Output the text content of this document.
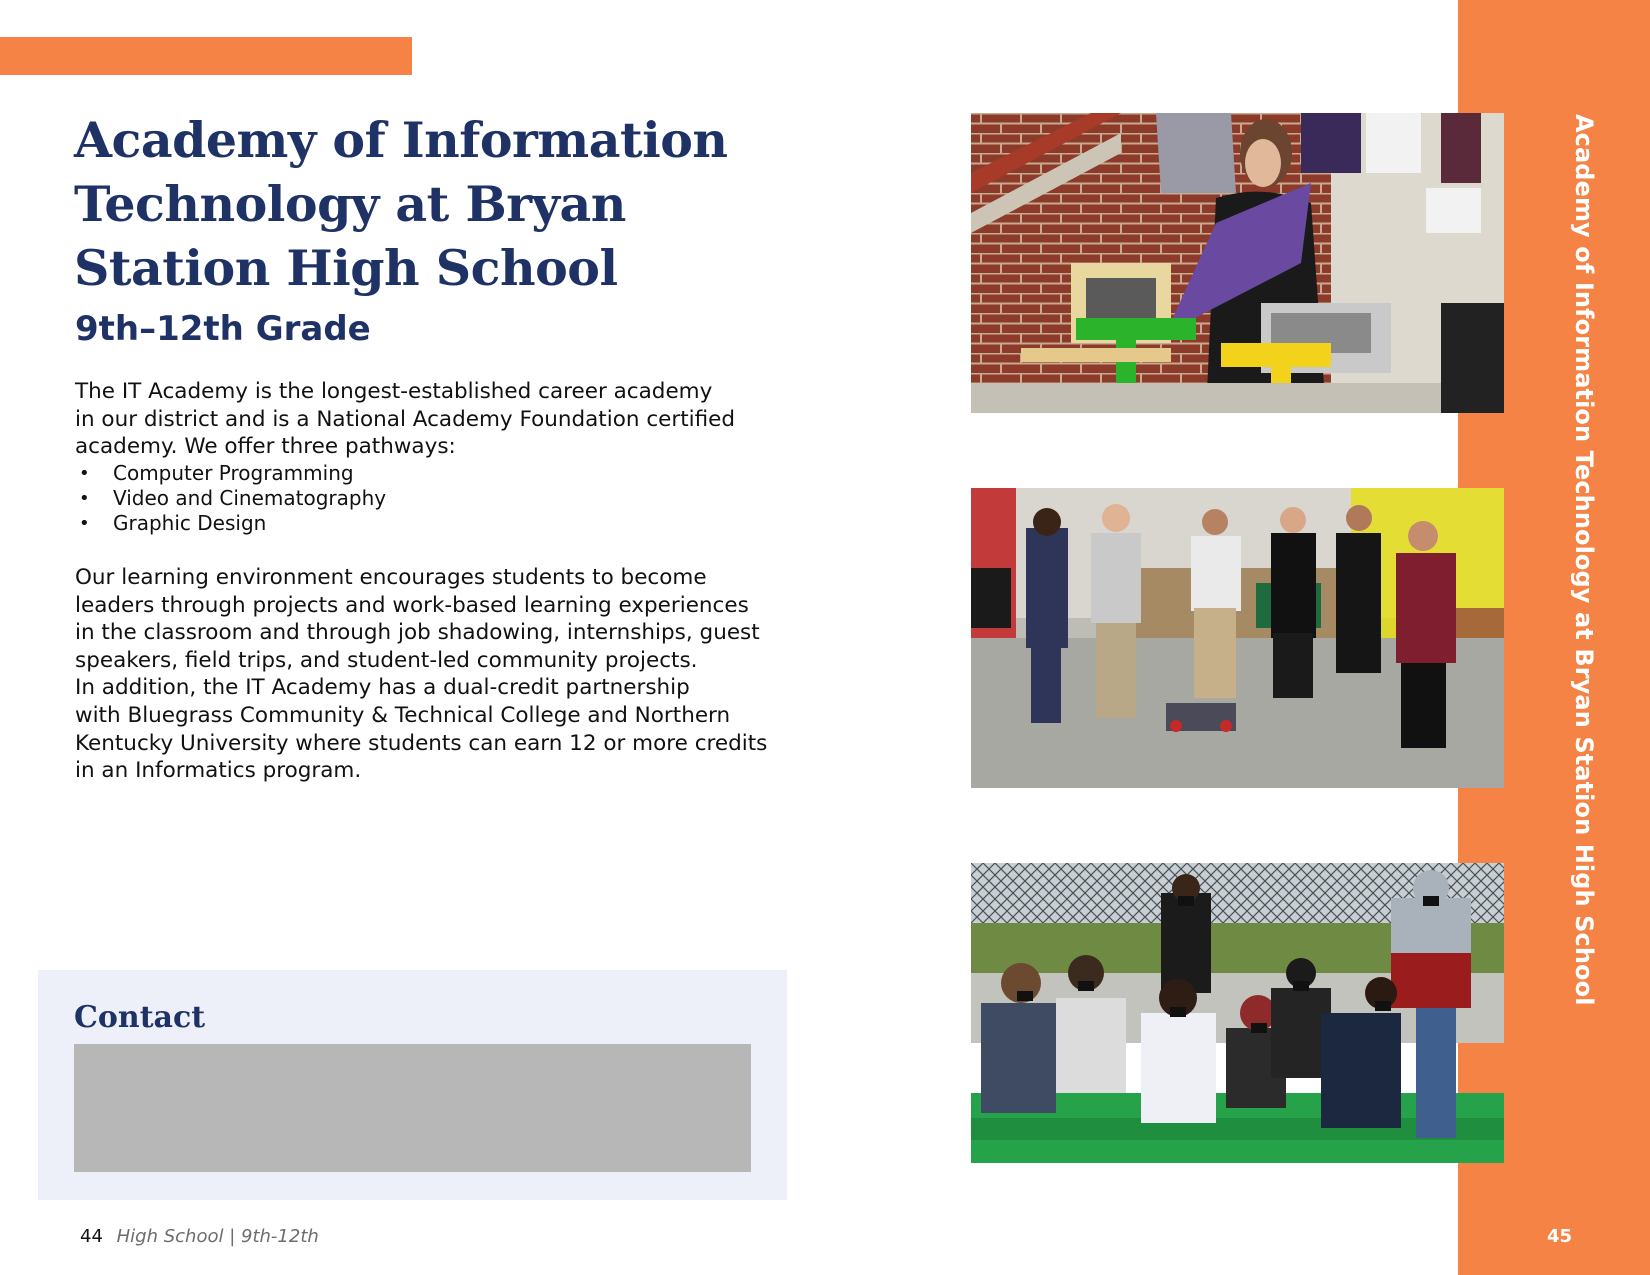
Academy of Information Technology at Bryan Station High School
Academy of Information
Technology at Bryan
Station High School
9th–12th Grade

The IT Academy is the longest-established career academy
in our district and is a National Academy Foundation certified
academy. We offer three pathways:

• Computer Programming
• Video and Cinematography
• Graphic Design

Our learning environment encourages students to become
leaders through projects and work-based learning experiences
in the classroom and through job shadowing, internships, guest
speakers, field trips, and student-led community projects.
In addition, the IT Academy has a dual-credit partnership
with Bluegrass Community & Technical College and Northern
Kentucky University where students can earn 12 or more credits
in an Informatics program.

Contact
44 High School | 9th-12th	45
